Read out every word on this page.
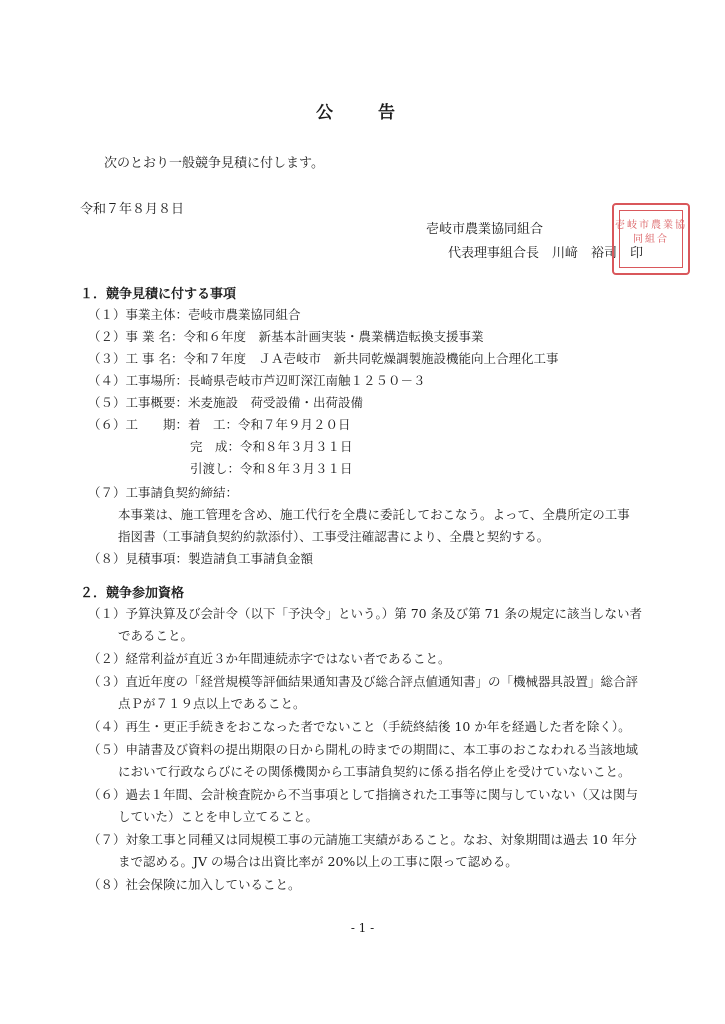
公　告
次のとおり一般競争見積に付します。
令和７年８月８日
壱岐市農業協同組合
代表理事組合長　川﨑　裕司　印
壱岐市農業協同組合
１．競争見積に付する事項
（１）事業主体：壱岐市農業協同組合
（２）事 業 名：令和６年度　新基本計画実装・農業構造転換支援事業
（３）工 事 名：令和７年度　ＪＡ壱岐市　新共同乾燥調製施設機能向上合理化工事
（４）工事場所：長崎県壱岐市芦辺町深江南触１２５０－３
（５）工事概要：米麦施設　荷受設備・出荷設備
（６）工　　期：着　工：令和７年９月２０日
完　成：令和８年３月３１日
引渡し：令和８年３月３１日
（７）工事請負契約締結：
本事業は、施工管理を含め、施工代行を全農に委託しておこなう。よって、全農所定の工事
指図書（工事請負契約約款添付）、工事受注確認書により、全農と契約する。
（８）見積事項：製造請負工事請負金額
２．競争参加資格
（１）予算決算及び会計令（以下「予決令」という。）第 70 条及び第 71 条の規定に該当しない者
であること。
（２）経常利益が直近３か年間連続赤字ではない者であること。
（３）直近年度の「経営規模等評価結果通知書及び総合評点値通知書」の「機械器具設置」総合評
点Ｐが７１９点以上であること。
（４）再生・更正手続きをおこなった者でないこと（手続終結後 10 か年を経過した者を除く）。
（５）申請書及び資料の提出期限の日から開札の時までの期間に、本工事のおこなわれる当該地域
において行政ならびにその関係機関から工事請負契約に係る指名停止を受けていないこと。
（６）過去１年間、会計検査院から不当事項として指摘された工事等に関与していない（又は関与
していた）ことを申し立てること。
（７）対象工事と同種又は同規模工事の元請施工実績があること。なお、対象期間は過去 10 年分
まで認める。JV の場合は出資比率が 20%以上の工事に限って認める。
（８）社会保険に加入していること。
- 1 -
